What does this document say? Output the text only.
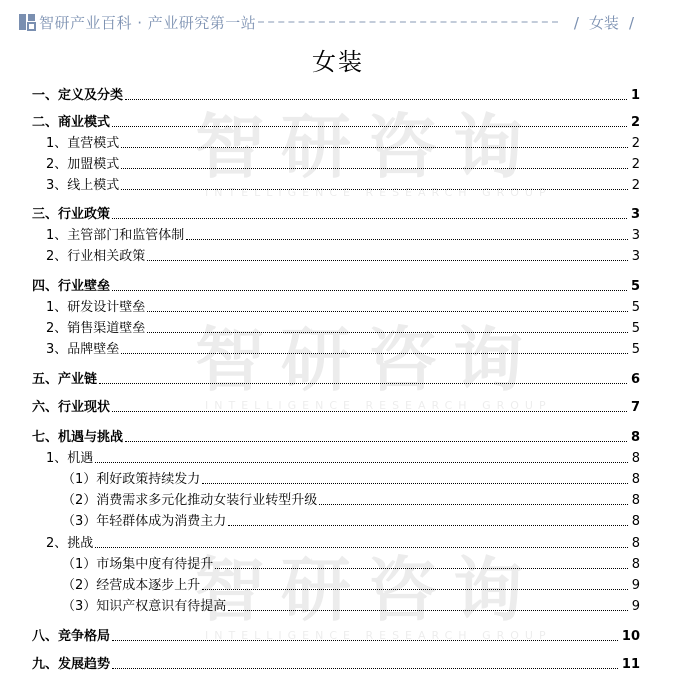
智研产业百科 · 产业研究第一站	/ 女装 /
女装
智研咨询
INTELLIGENCE RESEARCH GROUP
智研咨询
INTELLIGENCE RESEARCH GROUP
智研咨询
INTELLIGENCE RESEARCH GROUP
一、定义及分类	1
二、商业模式	2
1、直营模式	2
2、加盟模式	2
3、线上模式	2
三、行业政策	3
1、主管部门和监管体制	3
2、行业相关政策	3
四、行业壁垒	5
1、研发设计壁垒	5
2、销售渠道壁垒	5
3、品牌壁垒	5
五、产业链	6
六、行业现状	7
七、机遇与挑战	8
1、机遇	8
（1）利好政策持续发力	8
（2）消费需求多元化推动女装行业转型升级	8
（3）年轻群体成为消费主力	8
2、挑战	8
（1）市场集中度有待提升	8
（2）经营成本逐步上升	9
（3）知识产权意识有待提高	9
八、竞争格局	10
九、发展趋势	11
